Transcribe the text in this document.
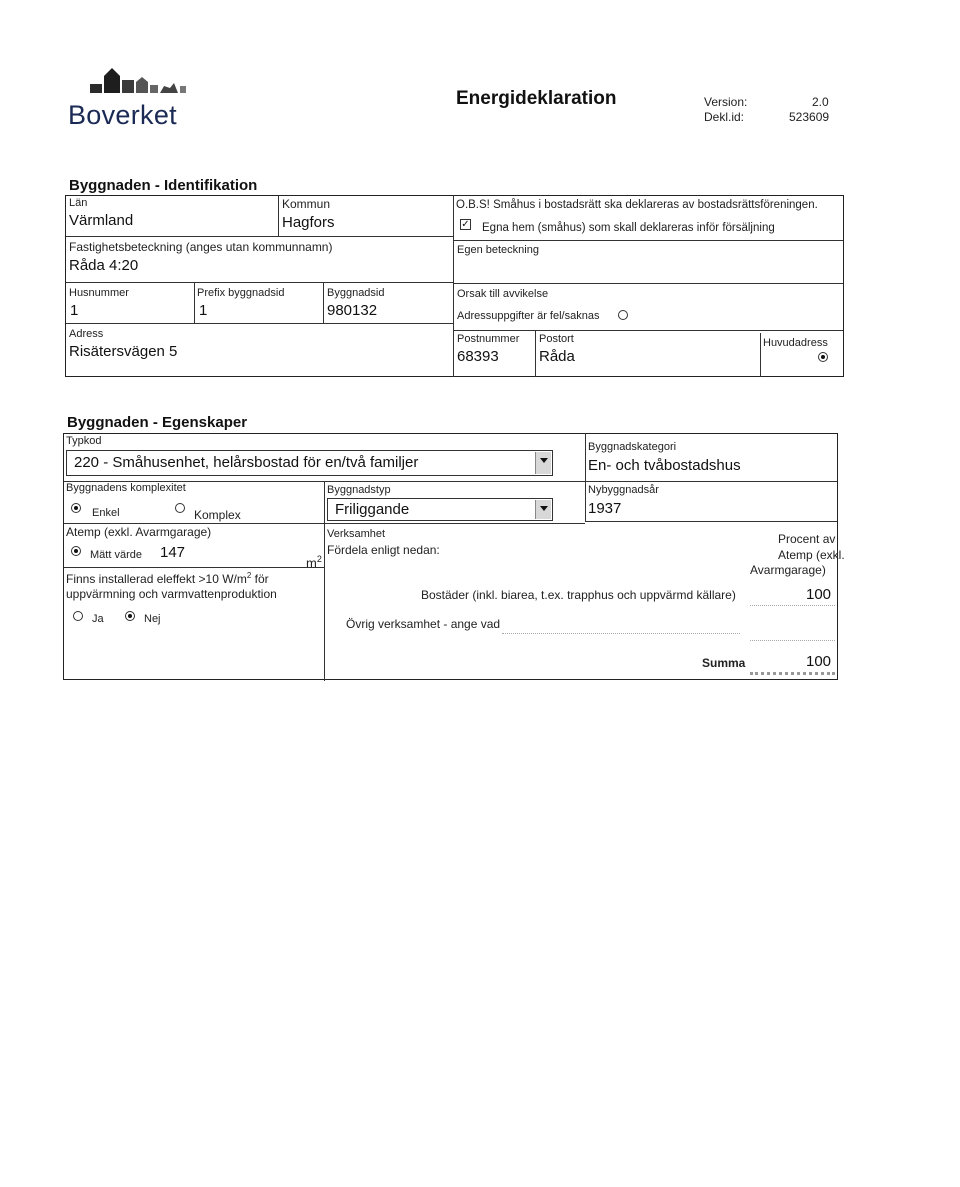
Boverket
Energideklaration	Version:	2.0
Dekl.id:	523609
Byggnaden - Identifikation
Län
Värmland
Kommun
Hagfors
Fastighetsbeteckning (anges utan kommunnamn)
Råda 4:20
Husnummer
1
Prefix byggnadsid
1
Byggnadsid
980132
Adress
Risätersvägen 5
O.B.S! Småhus i bostadsrätt ska deklareras av bostadsrättsföreningen.
✓ Egna hem (småhus) som skall deklareras inför försäljning
Egen beteckning
Orsak till avvikelse
Adressuppgifter är fel/saknas
Postnummer
68393
Postort
Råda
Huvudadress
Byggnaden - Egenskaper
Typkod
220 - Småhusenhet, helårsbostad för en/två familjer
Byggnadskategori
En- och tvåbostadshus
Byggnadens komplexitet
Enkel	Komplex
Byggnadstyp
Friliggande
Nybyggnadsår
1937
Atemp (exkl. Avarmgarage)
Mätt värde 147
$m^2$
Verksamhet
Fördela enligt nedan:
Procent av
Atemp (exkl.
Avarmgarage)
Finns installerad eleffekt >10 $W/m^2$ för
uppvärmning och varmvattenproduktion
Ja	Nej
Bostäder (inkl. biarea, t.ex. trapphus och uppvärmd källare)	100
Övrig verksamhet - ange vad
Summa	100
